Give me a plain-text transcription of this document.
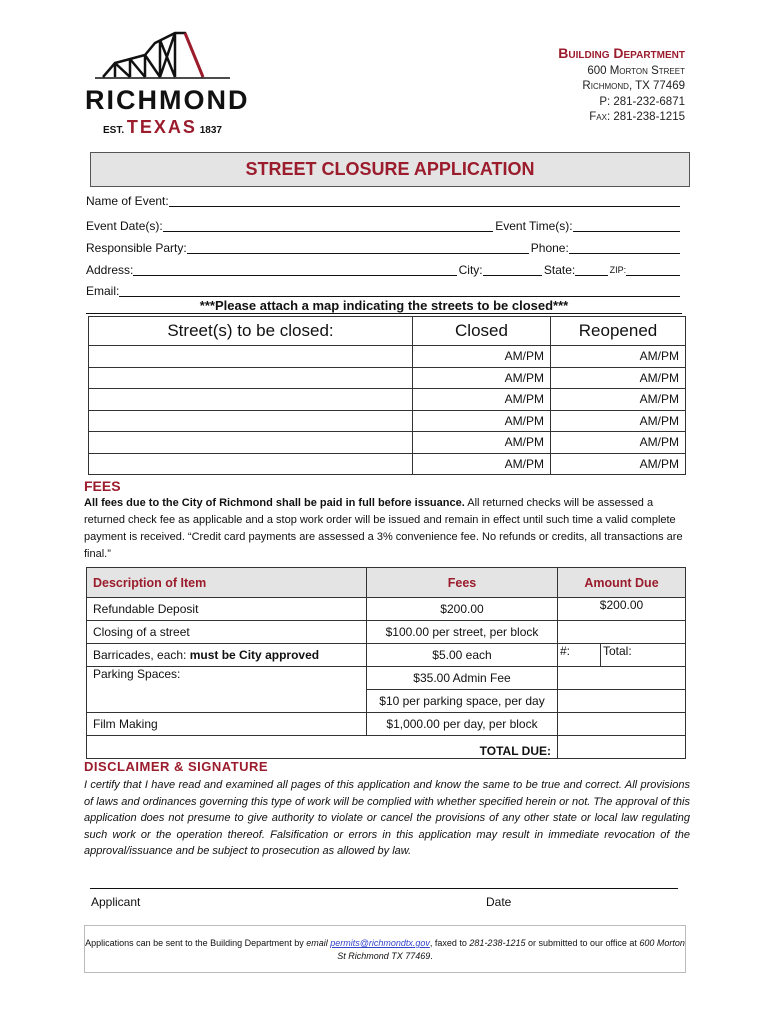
RICHMOND
EST. TEXAS 1837
Building Department
600 Morton Street
Richmond, TX 77469
P: 281-232-6871
Fax: 281-238-1215
STREET CLOSURE APPLICATION
Name of Event:
Event Date(s):	Event Time(s):
Responsible Party:	Phone:
Address:	City:	State:	ZIP:
Email:
***Please attach a map indicating the streets to be closed***
Street(s) to be closed:	Closed	Reopened
	AM/PM	AM/PM
	AM/PM	AM/PM
	AM/PM	AM/PM
	AM/PM	AM/PM
	AM/PM	AM/PM
	AM/PM	AM/PM
FEES
All fees due to the City of Richmond shall be paid in full before issuance. All returned checks will be assessed a returned check fee as applicable and a stop work order will be issued and remain in effect until such time a valid complete payment is received. “Credit card payments are assessed a 3% convenience fee. No refunds or credits, all transactions are final.”
Description of Item	Fees	Amount Due	
Refundable Deposit	$200.00	$200.00	
Closing of a street	$100.00 per street, per block		
Barricades, each: must be City approved	$5.00 each	#:	Total:
Parking Spaces:	$35.00 Admin Fee		
	$10 per parking space, per day		
Film Making	$1,000.00 per day, per block		
TOTAL DUE:			
DISCLAIMER & SIGNATURE
I certify that I have read and examined all pages of this application and know the same to be true and correct. All provisions of laws and ordinances governing this type of work will be complied with whether specified herein or not. The approval of this application does not presume to give authority to violate or cancel the provisions of any other state or local law regulating such work or the operation thereof. Falsification or errors in this application may result in immediate revocation of the approval/issuance and be subject to prosecution as allowed by law.
Applicant	Date
Applications can be sent to the Building Department by email permits@richmondtx.gov, faxed to 281-238-1215 or submitted to our office at 600 Morton St Richmond TX 77469.
